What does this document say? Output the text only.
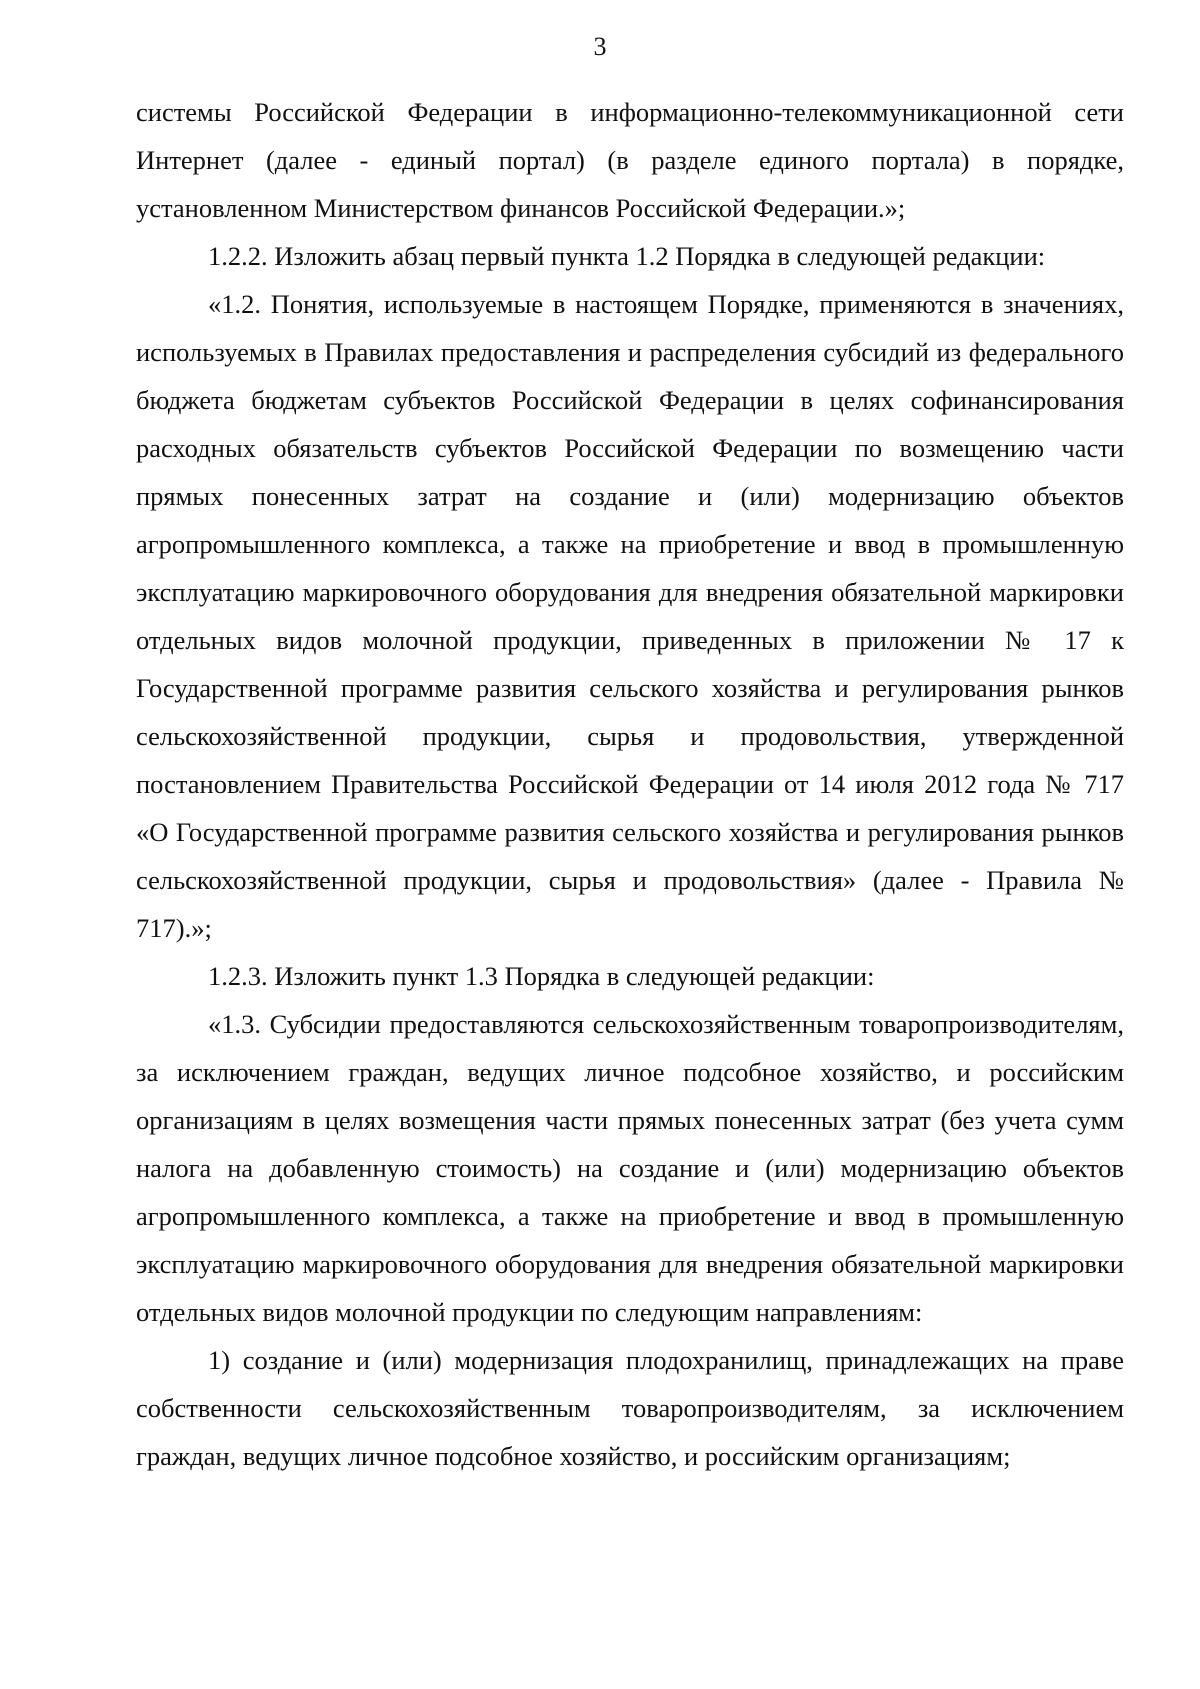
3

системы Российской Федерации в информационно-телекоммуникационной сети Интернет (далее - единый портал) (в разделе единого портала) в порядке, установленном Министерством финансов Российской Федерации.»;

1.2.2. Изложить абзац первый пункта 1.2 Порядка в следующей редакции:

«1.2. Понятия, используемые в настоящем Порядке, применяются в значениях, используемых в Правилах предоставления и распределения субсидий из федерального бюджета бюджетам субъектов Российской Федерации в целях софинансирования расходных обязательств субъектов Российской Федерации по возмещению части прямых понесенных затрат на создание и (или) модернизацию объектов агропромышленного комплекса, а также на приобретение и ввод в промышленную эксплуатацию маркировочного оборудования для внедрения обязательной маркировки отдельных видов молочной продукции, приведенных в приложении № 17 к Государственной программе развития сельского хозяйства и регулирования рынков сельскохозяйственной продукции, сырья и продовольствия, утвержденной постановлением Правительства Российской Федерации от 14 июля 2012 года № 717 «О Государственной программе развития сельского хозяйства и регулирования рынков сельскохозяйственной продукции, сырья и продовольствия» (далее - Правила № 717).»;

1.2.3. Изложить пункт 1.3 Порядка в следующей редакции:

«1.3. Субсидии предоставляются сельскохозяйственным товаропроизводителям, за исключением граждан, ведущих личное подсобное хозяйство, и российским организациям в целях возмещения части прямых понесенных затрат (без учета сумм налога на добавленную стоимость) на создание и (или) модернизацию объектов агропромышленного комплекса, а также на приобретение и ввод в промышленную эксплуатацию маркировочного оборудования для внедрения обязательной маркировки отдельных видов молочной продукции по следующим направлениям:

1) создание и (или) модернизация плодохранилищ, принадлежащих на праве собственности сельскохозяйственным товаропроизводителям, за исключением граждан, ведущих личное подсобное хозяйство, и российским организациям;
